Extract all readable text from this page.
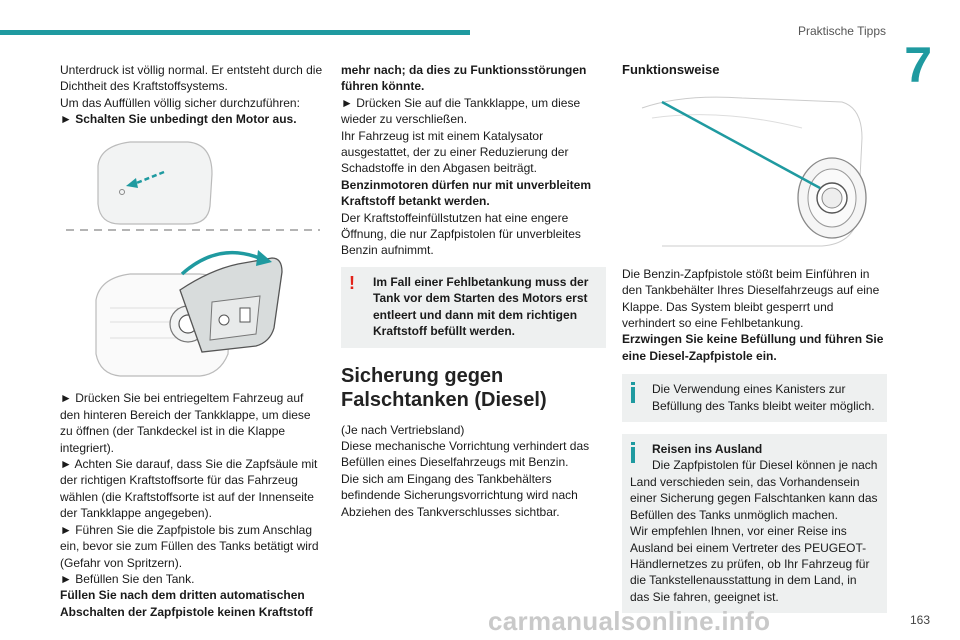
Praktische Tipps
7

Unterdruck ist völlig normal. Er entsteht durch die Dichtheit des Kraftstoffsystems.

Um das Auffüllen völlig sicher durchzuführen:

► Schalten Sie unbedingt den Motor aus.

► Drücken Sie bei entriegeltem Fahrzeug auf den hinteren Bereich der Tankklappe, um diese zu öffnen (der Tankdeckel ist in die Klappe integriert).

► Achten Sie darauf, dass Sie die Zapfsäule mit der richtigen Kraftstoffsorte für das Fahrzeug wählen (die Kraftstoffsorte ist auf der Innenseite der Tankklappe angegeben).

► Führen Sie die Zapfpistole bis zum Anschlag ein, bevor sie zum Füllen des Tanks betätigt wird (Gefahr von Spritzern).

► Befüllen Sie den Tank.

Füllen Sie nach dem dritten automatischen Abschalten der Zapfpistole keinen Kraftstoff

mehr nach; da dies zu Funktionsstörungen führen könnte.

► Drücken Sie auf die Tankklappe, um diese wieder zu verschließen.

Ihr Fahrzeug ist mit einem Katalysator ausgestattet, der zu einer Reduzierung der Schadstoffe in den Abgasen beiträgt.

Benzinmotoren dürfen nur mit unverbleitem Kraftstoff betankt werden.

Der Kraftstoffeinfüllstutzen hat eine engere Öffnung, die nur Zapfpistolen für unverbleites Benzin aufnimmt.

!	Im Fall einer Fehlbetankung muss der Tank vor dem Starten des Motors erst entleert und dann mit dem richtigen Kraftstoff befüllt werden.

Sicherung gegen Falschtanken (Diesel)

(Je nach Vertriebsland)

Diese mechanische Vorrichtung verhindert das Befüllen eines Dieselfahrzeugs mit Benzin.

Die sich am Eingang des Tankbehälters befindende Sicherungsvorrichtung wird nach Abziehen des Tankverschlusses sichtbar.

Funktionsweise

Die Benzin-Zapfpistole stößt beim Einführen in den Tankbehälter Ihres Dieselfahrzeugs auf eine Klappe. Das System bleibt gesperrt und verhindert so eine Fehlbetankung.

Erzwingen Sie keine Befüllung und führen Sie eine Diesel-Zapfpistole ein.

Die Verwendung eines Kanisters zur Befüllung des Tanks bleibt weiter möglich.

Reisen ins Ausland

Die Zapfpistolen für Diesel können je nach

Land verschieden sein, das Vorhandensein einer Sicherung gegen Falschtanken kann das Befüllen des Tanks unmöglich machen.

Wir empfehlen Ihnen, vor einer Reise ins Ausland bei einem Vertreter des PEUGEOT-Händlernetzes zu prüfen, ob Ihr Fahrzeug für die Tankstellenausstattung in dem Land, in das Sie fahren, geeignet ist.

carmanualsonline.info	163
